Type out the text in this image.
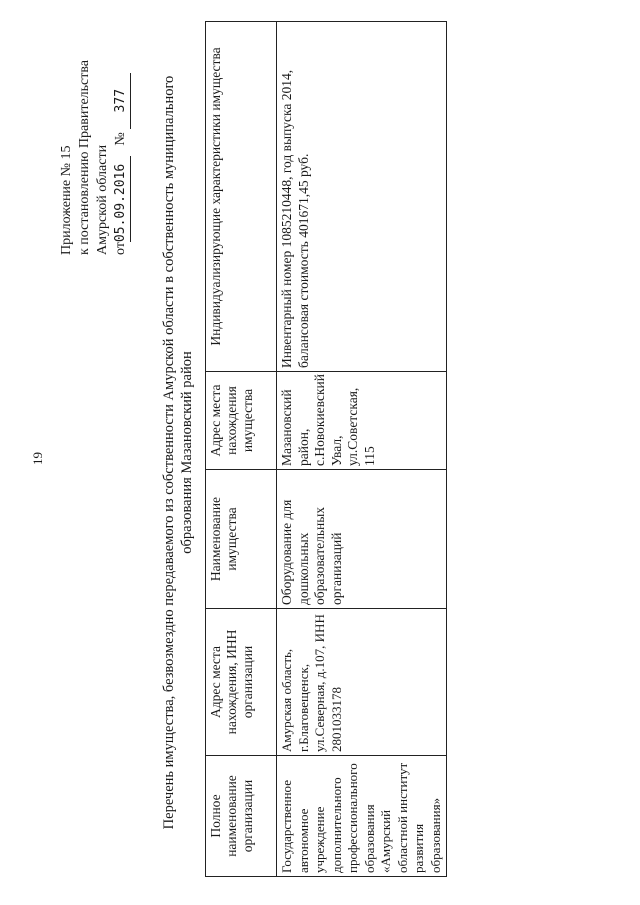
19
Приложение № 15 к постановлению Правительства Амурской области от05.09.2016   № 377 Перечень имущества, безвозмездно передаваемого из собственности Амурской области в собственность муниципального образования Мазановский район
Полное наименование организации	Адрес места нахождения, ИНН организации	Наименование имущества	Адрес места нахождения имущества	Индивидуализирующие характеристики имущества
Государственное автономное учреждение дополнительного профессионального образования «Амурский областной институт развития образования»	Амурская область, г.Благовещенск, ул.Северная, д.107, ИНН 2801033178	Оборудование для дошкольных образовательных организаций	Мазановский район, с.Новокиевский Увал, ул.Советская, 115	Инвентарный номер 1085210448, год выпуска 2014, балансовая стоимость 401671,45 руб.
